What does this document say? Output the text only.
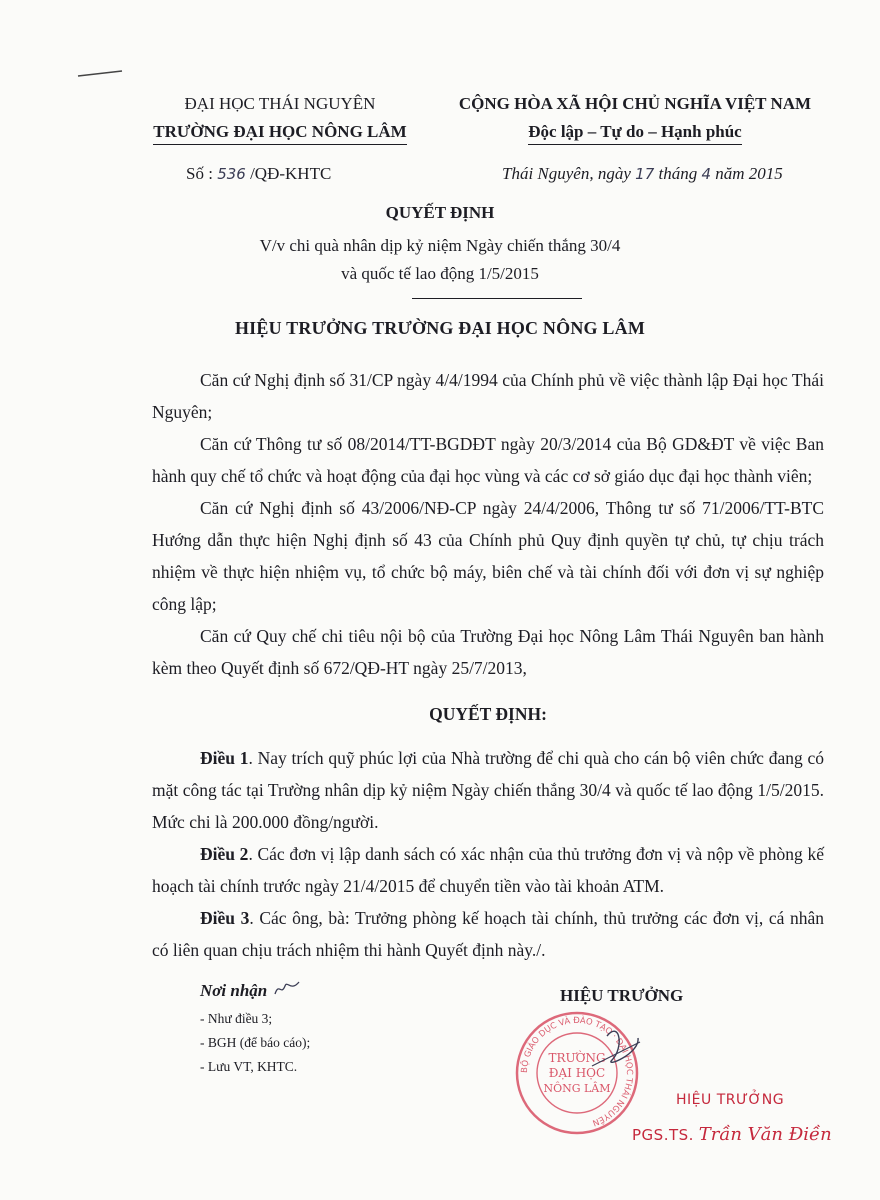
ĐẠI HỌC THÁI NGUYÊN
TRƯỜNG ĐẠI HỌC NÔNG LÂM
CỘNG HÒA XÃ HỘI CHỦ NGHĨA VIỆT NAM
Độc lập – Tự do – Hạnh phúc
Số : 536 /QĐ-KHTC	Thái Nguyên, ngày 17 tháng 4 năm 2015
QUYẾT ĐỊNH
V/v chi quà nhân dịp kỷ niệm Ngày chiến thắng 30/4
và quốc tế lao động 1/5/2015
HIỆU TRƯỞNG TRƯỜNG ĐẠI HỌC NÔNG LÂM

Căn cứ Nghị định số 31/CP ngày 4/4/1994 của Chính phủ về việc thành lập Đại học Thái Nguyên;

Căn cứ Thông tư số 08/2014/TT-BGDĐT ngày 20/3/2014 của Bộ GD&ĐT về việc Ban hành quy chế tổ chức và hoạt động của đại học vùng và các cơ sở giáo dục đại học thành viên;

Căn cứ Nghị định số 43/2006/NĐ-CP ngày 24/4/2006, Thông tư số 71/2006/TT-BTC Hướng dẫn thực hiện Nghị định số 43 của Chính phủ Quy định quyền tự chủ, tự chịu trách nhiệm về thực hiện nhiệm vụ, tổ chức bộ máy, biên chế và tài chính đối với đơn vị sự nghiệp công lập;

Căn cứ Quy chế chi tiêu nội bộ của Trường Đại học Nông Lâm Thái Nguyên ban hành kèm theo Quyết định số 672/QĐ-HT ngày 25/7/2013,

QUYẾT ĐỊNH:

Điều 1. Nay trích quỹ phúc lợi của Nhà trường để chi quà cho cán bộ viên chức đang có mặt công tác tại Trường nhân dịp kỷ niệm Ngày chiến thắng 30/4 và quốc tế lao động 1/5/2015. Mức chi là 200.000 đồng/người.

Điều 2. Các đơn vị lập danh sách có xác nhận của thủ trưởng đơn vị và nộp về phòng kế hoạch tài chính trước ngày 21/4/2015 để chuyển tiền vào tài khoản ATM.

Điều 3. Các ông, bà: Trưởng phòng kế hoạch tài chính, thủ trưởng các đơn vị, cá nhân có liên quan chịu trách nhiệm thi hành Quyết định này./.

Nơi nhận
- Như điều 3;
- BGH (để báo cáo);
- Lưu VT, KHTC.
HIỆU TRƯỞNG
BỘ GIÁO DỤC VÀ ĐÀO TẠO · ĐẠI HỌC THÁI NGUYÊN
TRƯỜNG
ĐẠI HỌC
NÔNG LÂM
HIỆU TRƯỞNG
PGS.TS. Trần Văn Điền
